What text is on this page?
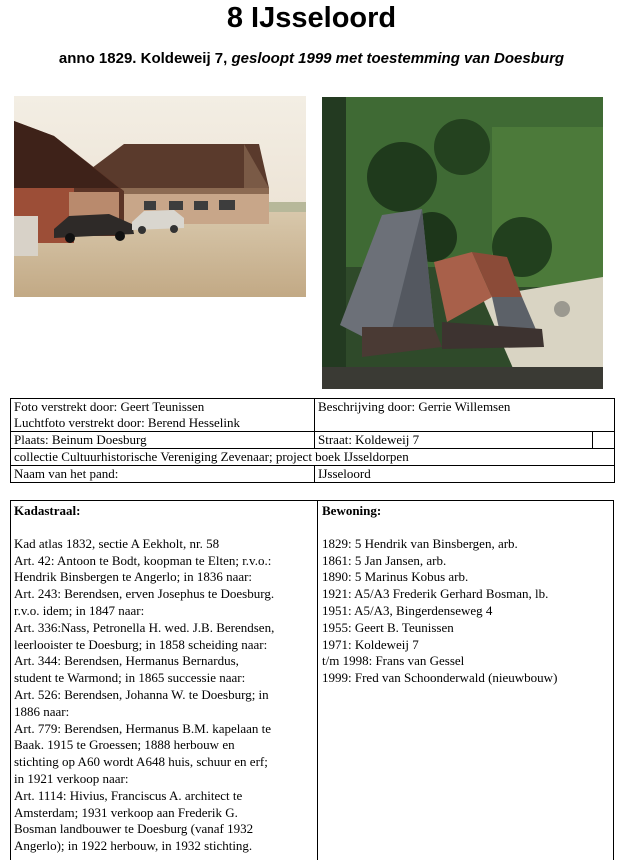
8 IJsseloord
anno 1829. Koldeweij 7, gesloopt 1999 met toestemming van Doesburg
Foto verstrekt door: Geert Teunissen
Luchtfoto verstrekt door: Berend Hesselink	Beschrijving door: Gerrie Willemsen	
Plaats: Beinum Doesburg	Straat: Koldeweij 7	
collectie Cultuurhistorische Vereniging Zevenaar; project boek IJsseldorpen		
Naam van het pand:	IJsseloord	
Kadastraal:
Kad atlas 1832, sectie A Eekholt, nr. 58
Art. 42: Antoon te Bodt, koopman te Elten; r.v.o.:
Hendrik Binsbergen te Angerlo; in 1836 naar:
Art. 243: Berendsen, erven Josephus te Doesburg.
r.v.o. idem; in 1847 naar:
Art. 336:Nass, Petronella H. wed. J.B. Berendsen,
leerlooister te Doesburg; in 1858 scheiding naar:
Art. 344: Berendsen, Hermanus Bernardus,
student te Warmond; in 1865 successie naar:
Art. 526: Berendsen, Johanna W. te Doesburg; in
1886 naar:
Art. 779: Berendsen, Hermanus B.M. kapelaan te
Baak. 1915 te Groessen; 1888 herbouw en
stichting op A60 wordt A648 huis, schuur en erf;
in 1921 verkoop naar:
Art. 1114: Hivius, Franciscus A. architect te
Amsterdam; 1931 verkoop aan Frederik G.
Bosman landbouwer te Doesburg (vanaf 1932
Angerlo); in 1922 herbouw, in 1932 stichting.
Bewoning:
1829: 5 Hendrik van Binsbergen, arb.
1861: 5 Jan Jansen, arb.
1890: 5 Marinus Kobus arb.
1921: A5/A3 Frederik Gerhard Bosman, lb.
1951: A5/A3, Bingerdenseweg 4
1955: Geert B. Teunissen
1971: Koldeweij 7
t/m 1998: Frans van Gessel
1999: Fred van Schoonderwald (nieuwbouw)
